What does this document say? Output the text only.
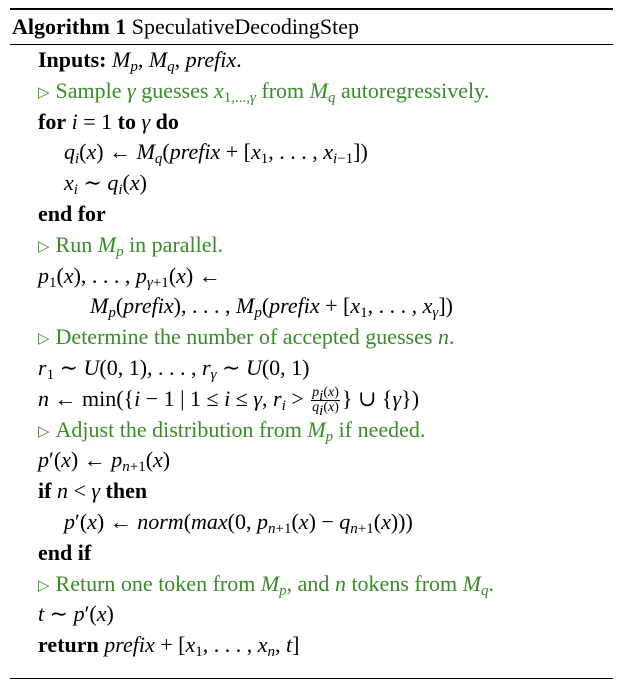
Algorithm 1 SpeculativeDecodingStep
Inputs: $M_p$, $M_q$, prefix.
▷ Sample γ guesses $x_{1,...,\gamma}$ from $M_q$ autoregressively.
for i = 1 to γ do
$q_i(x)$ ← $M_q(prefix + [x_1$, . . . , $x_{i-1}$])
$x_i$ ∼ $q_i(x)$
end for
▷ Run $M_p$ in parallel.
$p_1(x)$, . . . , $p_{\gamma+1}(x)$ ←
$M_p(prefix)$, . . . , $M_p(prefix + [x_1$, . . . , $x_\gamma$])
▷ Determine the number of accepted guesses n.
$r_1$ ∼ U(0, 1), . . . , $r_\gamma$ ∼ U(0, 1)
n ← min({i − 1 | 1 ≤ i ≤ γ, $r_i > \frac{p_i(x)}{q_i(x)}$ } ∪ {γ})
▷ Adjust the distribution from $M_p$ if needed.
p′(x) ← $p_{n+1}(x)$
if n < γ then
p′(x) ← norm(max(0, $p_{n+1}(x) - q_{n+1}(x)$))
end if
▷ Return one token from $M_p$, and n tokens from $M_q$.
t ∼ p′(x)
return prefix + [$x_1$, . . . , $x_n$, t]
